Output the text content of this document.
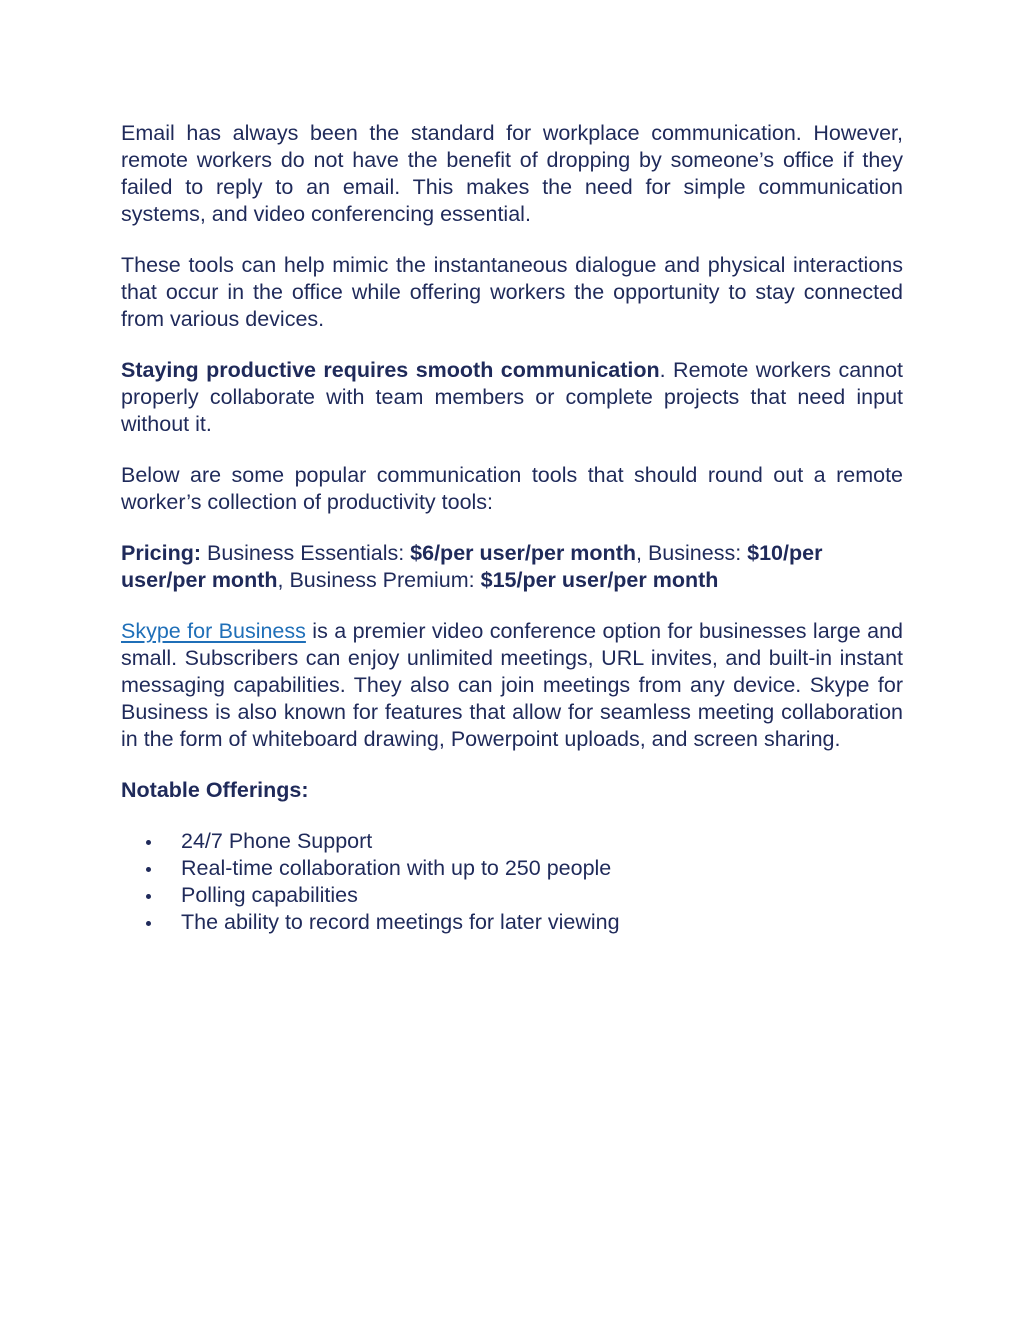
Email has always been the standard for workplace communication. However, remote workers do not have the benefit of dropping by someone’s office if they failed to reply to an email. This makes the need for simple communication systems, and video conferencing essential.

These tools can help mimic the instantaneous dialogue and physical interactions that occur in the office while offering workers the opportunity to stay connected from various devices.

Staying productive requires smooth communication. Remote workers cannot properly collaborate with team members or complete projects that need input without it.

Below are some popular communication tools that should round out a remote worker’s collection of productivity tools:

Pricing: Business Essentials: $6/per user/per month, Business: $10/per user/per month, Business Premium: $15/per user/per month

Skype for Business is a premier video conference option for businesses large and small. Subscribers can enjoy unlimited meetings, URL invites, and built-in instant messaging capabilities. They also can join meetings from any device. Skype for Business is also known for features that allow for seamless meeting collaboration in the form of whiteboard drawing, Powerpoint uploads, and screen sharing.

Notable Offerings:

24/7 Phone Support
Real-time collaboration with up to 250 people
Polling capabilities
The ability to record meetings for later viewing
